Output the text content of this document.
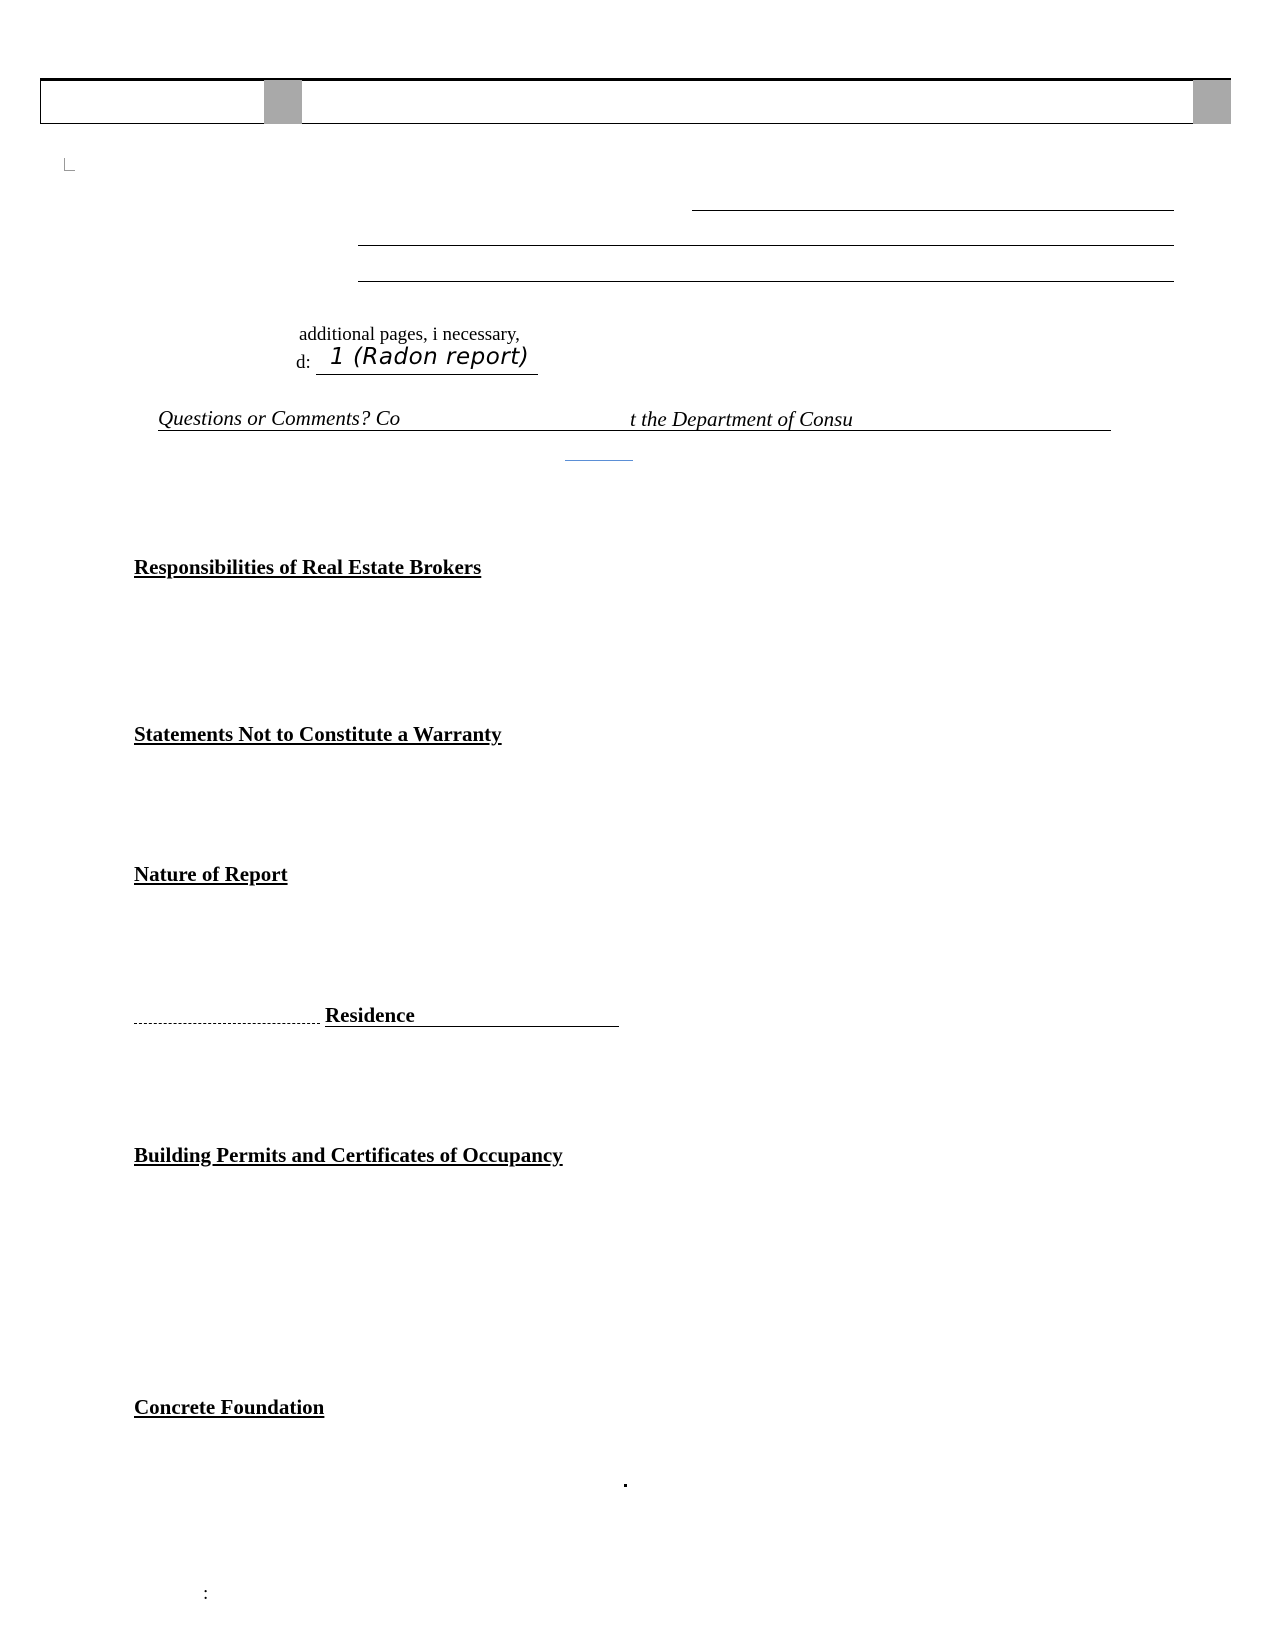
additional pages, i necessary,
d: 1 (Radon report)
Questions or Comments? Co	t the Department of Consu
Responsibilities of Real Estate Brokers
Statements Not to Constitute a Warranty
Nature of Report
Residence
Building Permits and Certificates of Occupancy
Concrete Foundation
:
